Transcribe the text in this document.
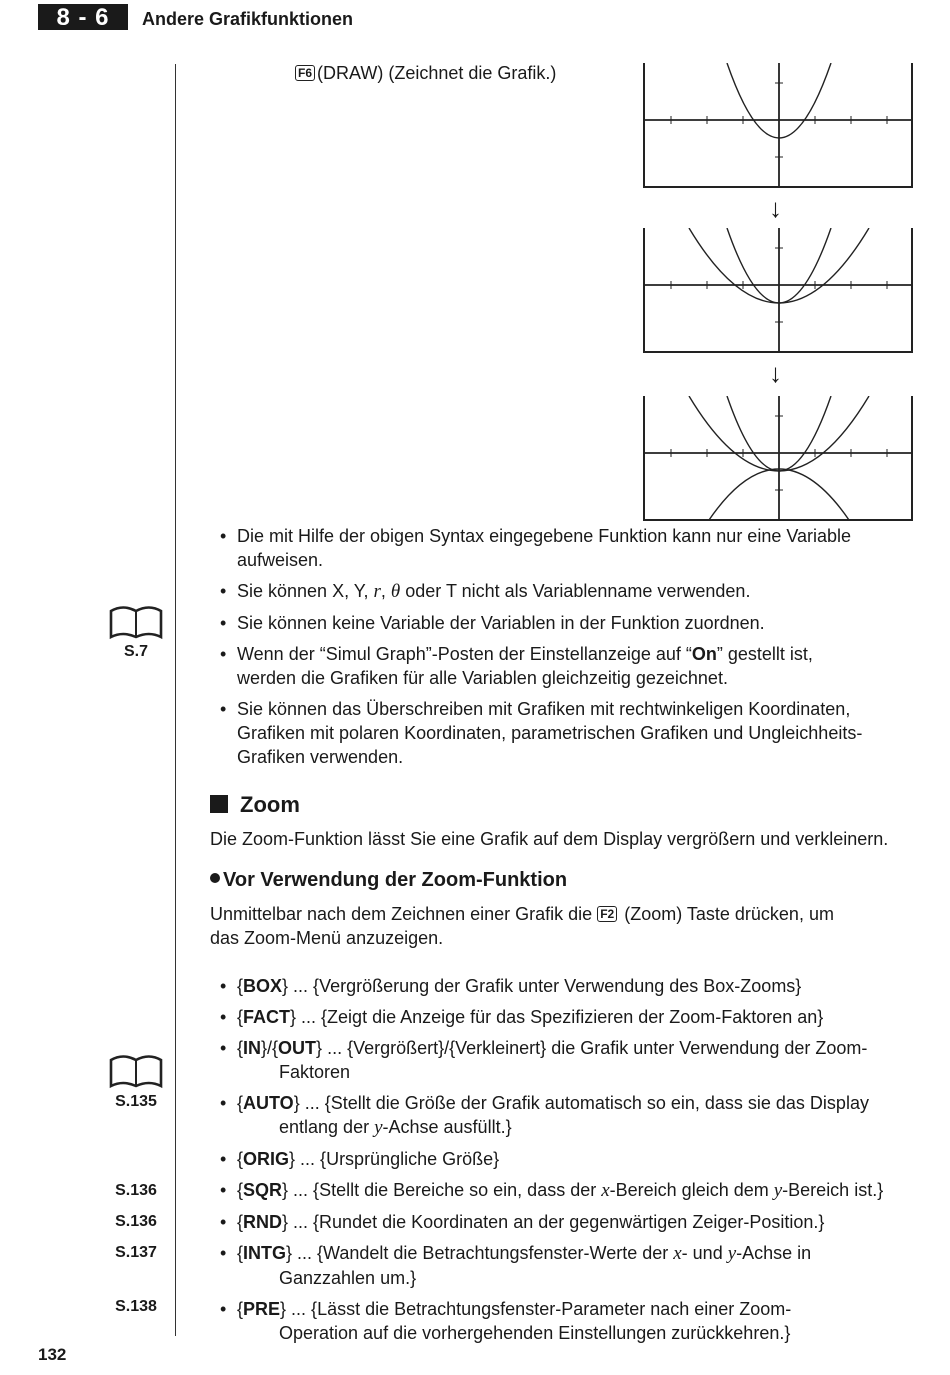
8 - 6	Andere Grafikfunktionen
F6 (DRAW) (Zeichnet die Grafik.)
↓
↓
• Die mit Hilfe der obigen Syntax eingegebene Funktion kann nur eine Variable
aufweisen.
• Sie können X, Y, r, θ oder T nicht als Variablenname verwenden.
• Sie können keine Variable der Variablen in der Funktion zuordnen.
• Wenn der “Simul Graph”-Posten der Einstellanzeige auf “On” gestellt ist,
werden die Grafiken für alle Variablen gleichzeitig gezeichnet.
• Sie können das Überschreiben mit Grafiken mit rechtwinkeligen Koordinaten,
Grafiken mit polaren Koordinaten, parametrischen Grafiken und Ungleichheits-
Grafiken verwenden.
S.7
S.135
S.136
S.136
S.137
S.138
Zoom
Die Zoom-Funktion lässt Sie eine Grafik auf dem Display vergrößern und verkleinern.
Vor Verwendung der Zoom-Funktion
Unmittelbar nach dem Zeichnen einer Grafik die F2 (Zoom) Taste drücken, um
das Zoom-Menü anzuzeigen.
• {BOX} ... {Vergrößerung der Grafik unter Verwendung des Box-Zooms}
• {FACT} ... {Zeigt die Anzeige für das Spezifizieren der Zoom-Faktoren an}
• {IN}/{OUT} ... {Vergrößert}/{Verkleinert} die Grafik unter Verwendung der Zoom-
Faktoren
• {AUTO} ... {Stellt die Größe der Grafik automatisch so ein, dass sie das Display
entlang der y-Achse ausfüllt.}
• {ORIG} ... {Ursprüngliche Größe}
• {SQR} ... {Stellt die Bereiche so ein, dass der x-Bereich gleich dem y-Bereich ist.}
• {RND} ... {Rundet die Koordinaten an der gegenwärtigen Zeiger-Position.}
• {INTG} ... {Wandelt die Betrachtungsfenster-Werte der x- und y-Achse in
Ganzzahlen um.}
• {PRE} ... {Lässt die Betrachtungsfenster-Parameter nach einer Zoom-
Operation auf die vorhergehenden Einstellungen zurückkehren.}
132
